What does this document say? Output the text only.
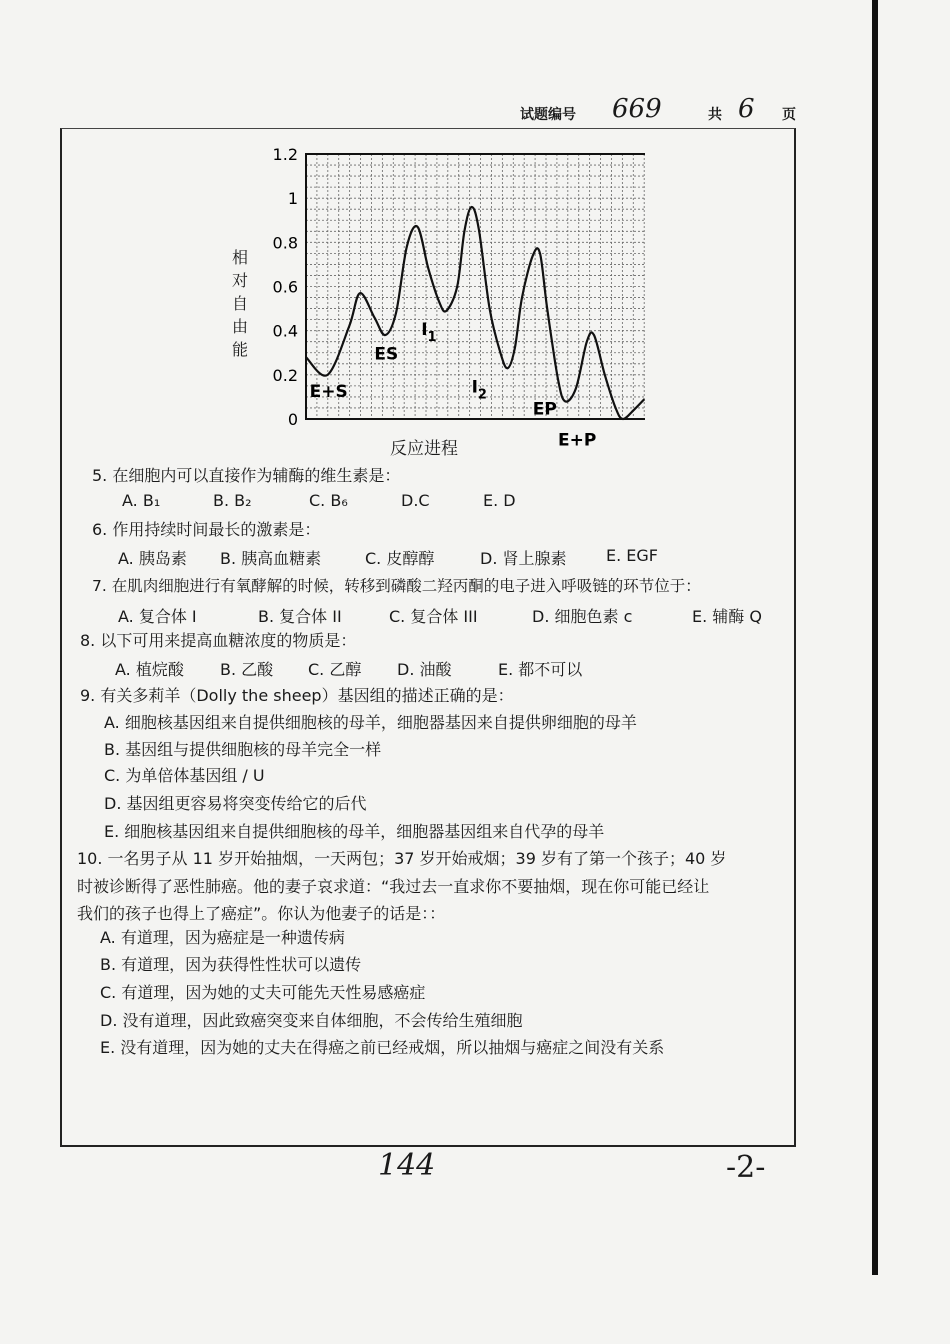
试题编号 669	共 6 页
1.2
1
0.8
0.6
0.4
0.2
0
E+S
ES
$I_1$
$I_2$
EP
E+P
相
对
自
由
能
反应进程
5. 在细胞内可以直接作为辅酶的维生素是：
A. B₁	B. B₂	C. B₆	D.C	E. D
6. 作用持续时间最长的激素是：
A. 胰岛素 B. 胰高血糖素	C. 皮醇醇	D. 肾上腺素 E. EGF
7. 在肌肉细胞进行有氧酵解的时候，转移到磷酸二羟丙酮的电子进入呼吸链的环节位于：
A. 复合体 I	B. 复合体 II	C. 复合体 III	D. 细胞色素 c	E. 辅酶 Q
8. 以下可用来提高血糖浓度的物质是：
A. 植烷酸 B. 乙酸 C. 乙醇 D. 油酸	E. 都不可以
9. 有关多莉羊（Dolly the sheep）基因组的描述正确的是：
A. 细胞核基因组来自提供细胞核的母羊，细胞器基因来自提供卵细胞的母羊
B. 基因组与提供细胞核的母羊完全一样
C. 为单倍体基因组 / U
D. 基因组更容易将突变传给它的后代
E. 细胞核基因组来自提供细胞核的母羊，细胞器基因组来自代孕的母羊
10. 一名男子从 11 岁开始抽烟，一天两包；37 岁开始戒烟；39 岁有了第一个孩子；40 岁
时被诊断得了恶性肺癌。他的妻子哀求道：“我过去一直求你不要抽烟，现在你可能已经让
我们的孩子也得上了癌症”。你认为他妻子的话是：：
A. 有道理，因为癌症是一种遗传病
B. 有道理，因为获得性性状可以遗传
C. 有道理，因为她的丈夫可能先天性易感癌症
D. 没有道理，因此致癌突变来自体细胞，不会传给生殖细胞
E. 没有道理，因为她的丈夫在得癌之前已经戒烟，所以抽烟与癌症之间没有关系
144	-2-
